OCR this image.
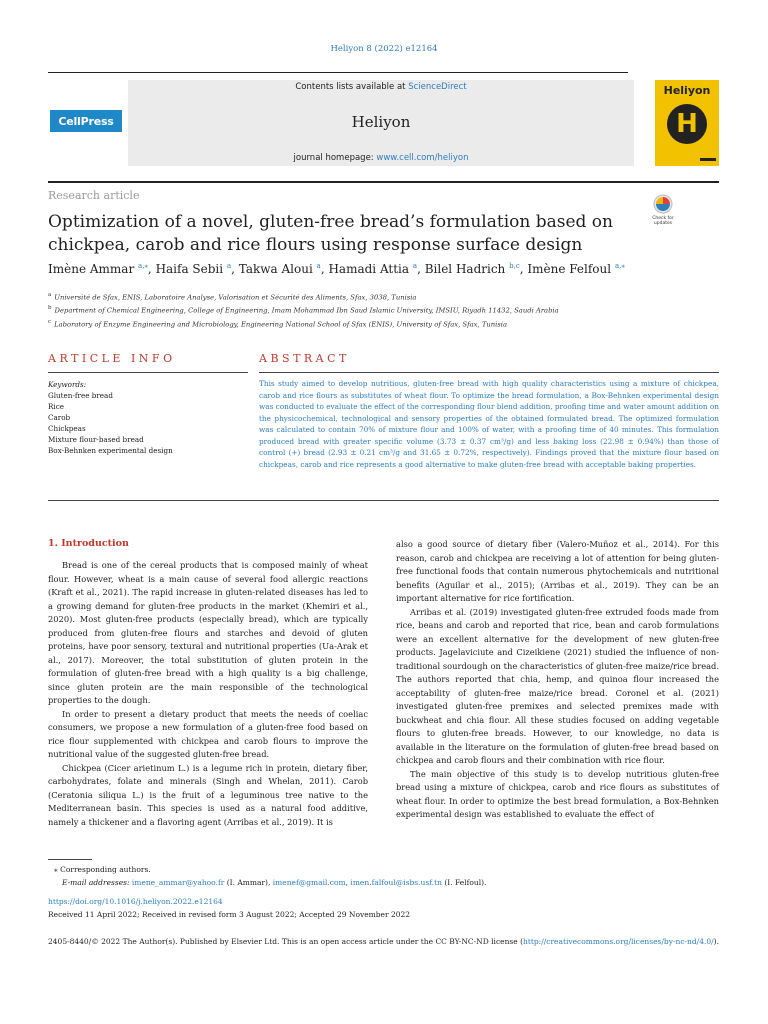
Heliyon 8 (2022) e12164
CellPress
Contents lists available at ScienceDirect
Heliyon
journal homepage: www.cell.com/heliyon
Heliyon
H
Research article
Optimization of a novel, gluten-free bread’s formulation based on chickpea, carob and rice flours using response surface design
Check for
updates
Imène Ammar $^{a,⁎}$, Haifa Sebii $^a$, Takwa Aloui $^a$, Hamadi Attia $^a$, Bilel Hadrich $^{b,c}$, Imène Felfoul $^{a,⁎}$
$^a$ Université de Sfax, ENIS, Laboratoire Analyse, Valorisation et Sécurité des Aliments, Sfax, 3038, Tunisia
$^b$ Department of Chemical Engineering, College of Engineering, Imam Mohammad Ibn Saud Islamic University, IMSIU, Riyadh 11432, Saudi Arabia
$^c$ Laboratory of Enzyme Engineering and Microbiology, Engineering National School of Sfax (ENIS), University of Sfax, Sfax, Tunisia
ARTICLE INFO	ABSTRACT
Keywords:
Gluten-free bread
Rice
Carob
Chickpeas
Mixture flour-based bread
Box-Behnken experimental design
This study aimed to develop nutritious, gluten-free bread with high quality characteristics using a mixture of chickpea, carob and rice flours as substitutes of wheat flour. To optimize the bread formulation, a Box-Behnken experimental design was conducted to evaluate the effect of the corresponding flour blend addition, proofing time and water amount addition on the physicochemical, technological and sensory properties of the obtained formulated bread. The optimized formulation was calculated to contain 70% of mixture flour and 100% of water, with a proofing time of 40 minutes. This formulation produced bread with greater specific volume (3.73 ± 0.37 cm³/g) and less baking loss (22.98 ± 0.94%) than those of control (+) bread (2.93 ± 0.21 cm³/g and 31.65 ± 0.72%, respectively). Findings proved that the mixture flour based on chickpeas, carob and rice represents a good alternative to make gluten-free bread with acceptable baking properties.
1. Introduction

Bread is one of the cereal products that is composed mainly of wheat flour. However, wheat is a main cause of several food allergic reactions (Kraft et al., 2021). The rapid increase in gluten-related diseases has led to a growing demand for gluten-free products in the market (Khemiri et al., 2020). Most gluten-free products (especially bread), which are typically produced from gluten-free flours and starches and devoid of gluten proteins, have poor sensory, textural and nutritional properties (Ua-Arak et al., 2017). Moreover, the total substitution of gluten protein in the formulation of gluten-free bread with a high quality is a big challenge, since gluten protein are the main responsible of the technological properties to the dough.

In order to present a dietary product that meets the needs of coeliac consumers, we propose a new formulation of a gluten-free food based on rice flour supplemented with chickpea and carob flours to improve the nutritional value of the suggested gluten-free bread.

Chickpea (Cicer arietinum L.) is a legume rich in protein, dietary fiber, carbohydrates, folate and minerals (Singh and Whelan, 2011). Carob (Ceratonia siliqua L.) is the fruit of a leguminous tree native to the Mediterranean basin. This species is used as a natural food additive, namely a thickener and a flavoring agent (Arribas et al., 2019). It is

also a good source of dietary fiber (Valero-Muñoz et al., 2014). For this reason, carob and chickpea are receiving a lot of attention for being gluten-free functional foods that contain numerous phytochemicals and nutritional benefits (Aguilar et al., 2015); (Arribas et al., 2019). They can be an important alternative for rice fortification.

Arribas et al. (2019) investigated gluten-free extruded foods made from rice, beans and carob and reported that rice, bean and carob formulations were an excellent alternative for the development of new gluten-free products. Jagelaviciute and Cizeikiene (2021) studied the influence of non-traditional sourdough on the characteristics of gluten-free maize/rice bread. The authors reported that chia, hemp, and quinoa flour increased the acceptability of gluten-free maize/rice bread. Coronel et al. (2021) investigated gluten-free premixes and selected premixes made with buckwheat and chia flour. All these studies focused on adding vegetable flours to gluten-free breads. However, to our knowledge, no data is available in the literature on the formulation of gluten-free bread based on chickpea and carob flours and their combination with rice flour.

The main objective of this study is to develop nutritious gluten-free bread using a mixture of chickpea, carob and rice flours as substitutes of wheat flour. In order to optimize the best bread formulation, a Box-Behnken experimental design was established to evaluate the effect of

⁎ Corresponding authors.
E-mail addresses: imene_ammar@yahoo.fr (I. Ammar), imenef@gmail.com, imen.falfoul@isbs.usf.tn (I. Felfoul).
https://doi.org/10.1016/j.heliyon.2022.e12164
Received 11 April 2022; Received in revised form 3 August 2022; Accepted 29 November 2022
2405-8440/© 2022 The Author(s). Published by Elsevier Ltd. This is an open access article under the CC BY-NC-ND license (http://creativecommons.org/licenses/by-nc-nd/4.0/).
